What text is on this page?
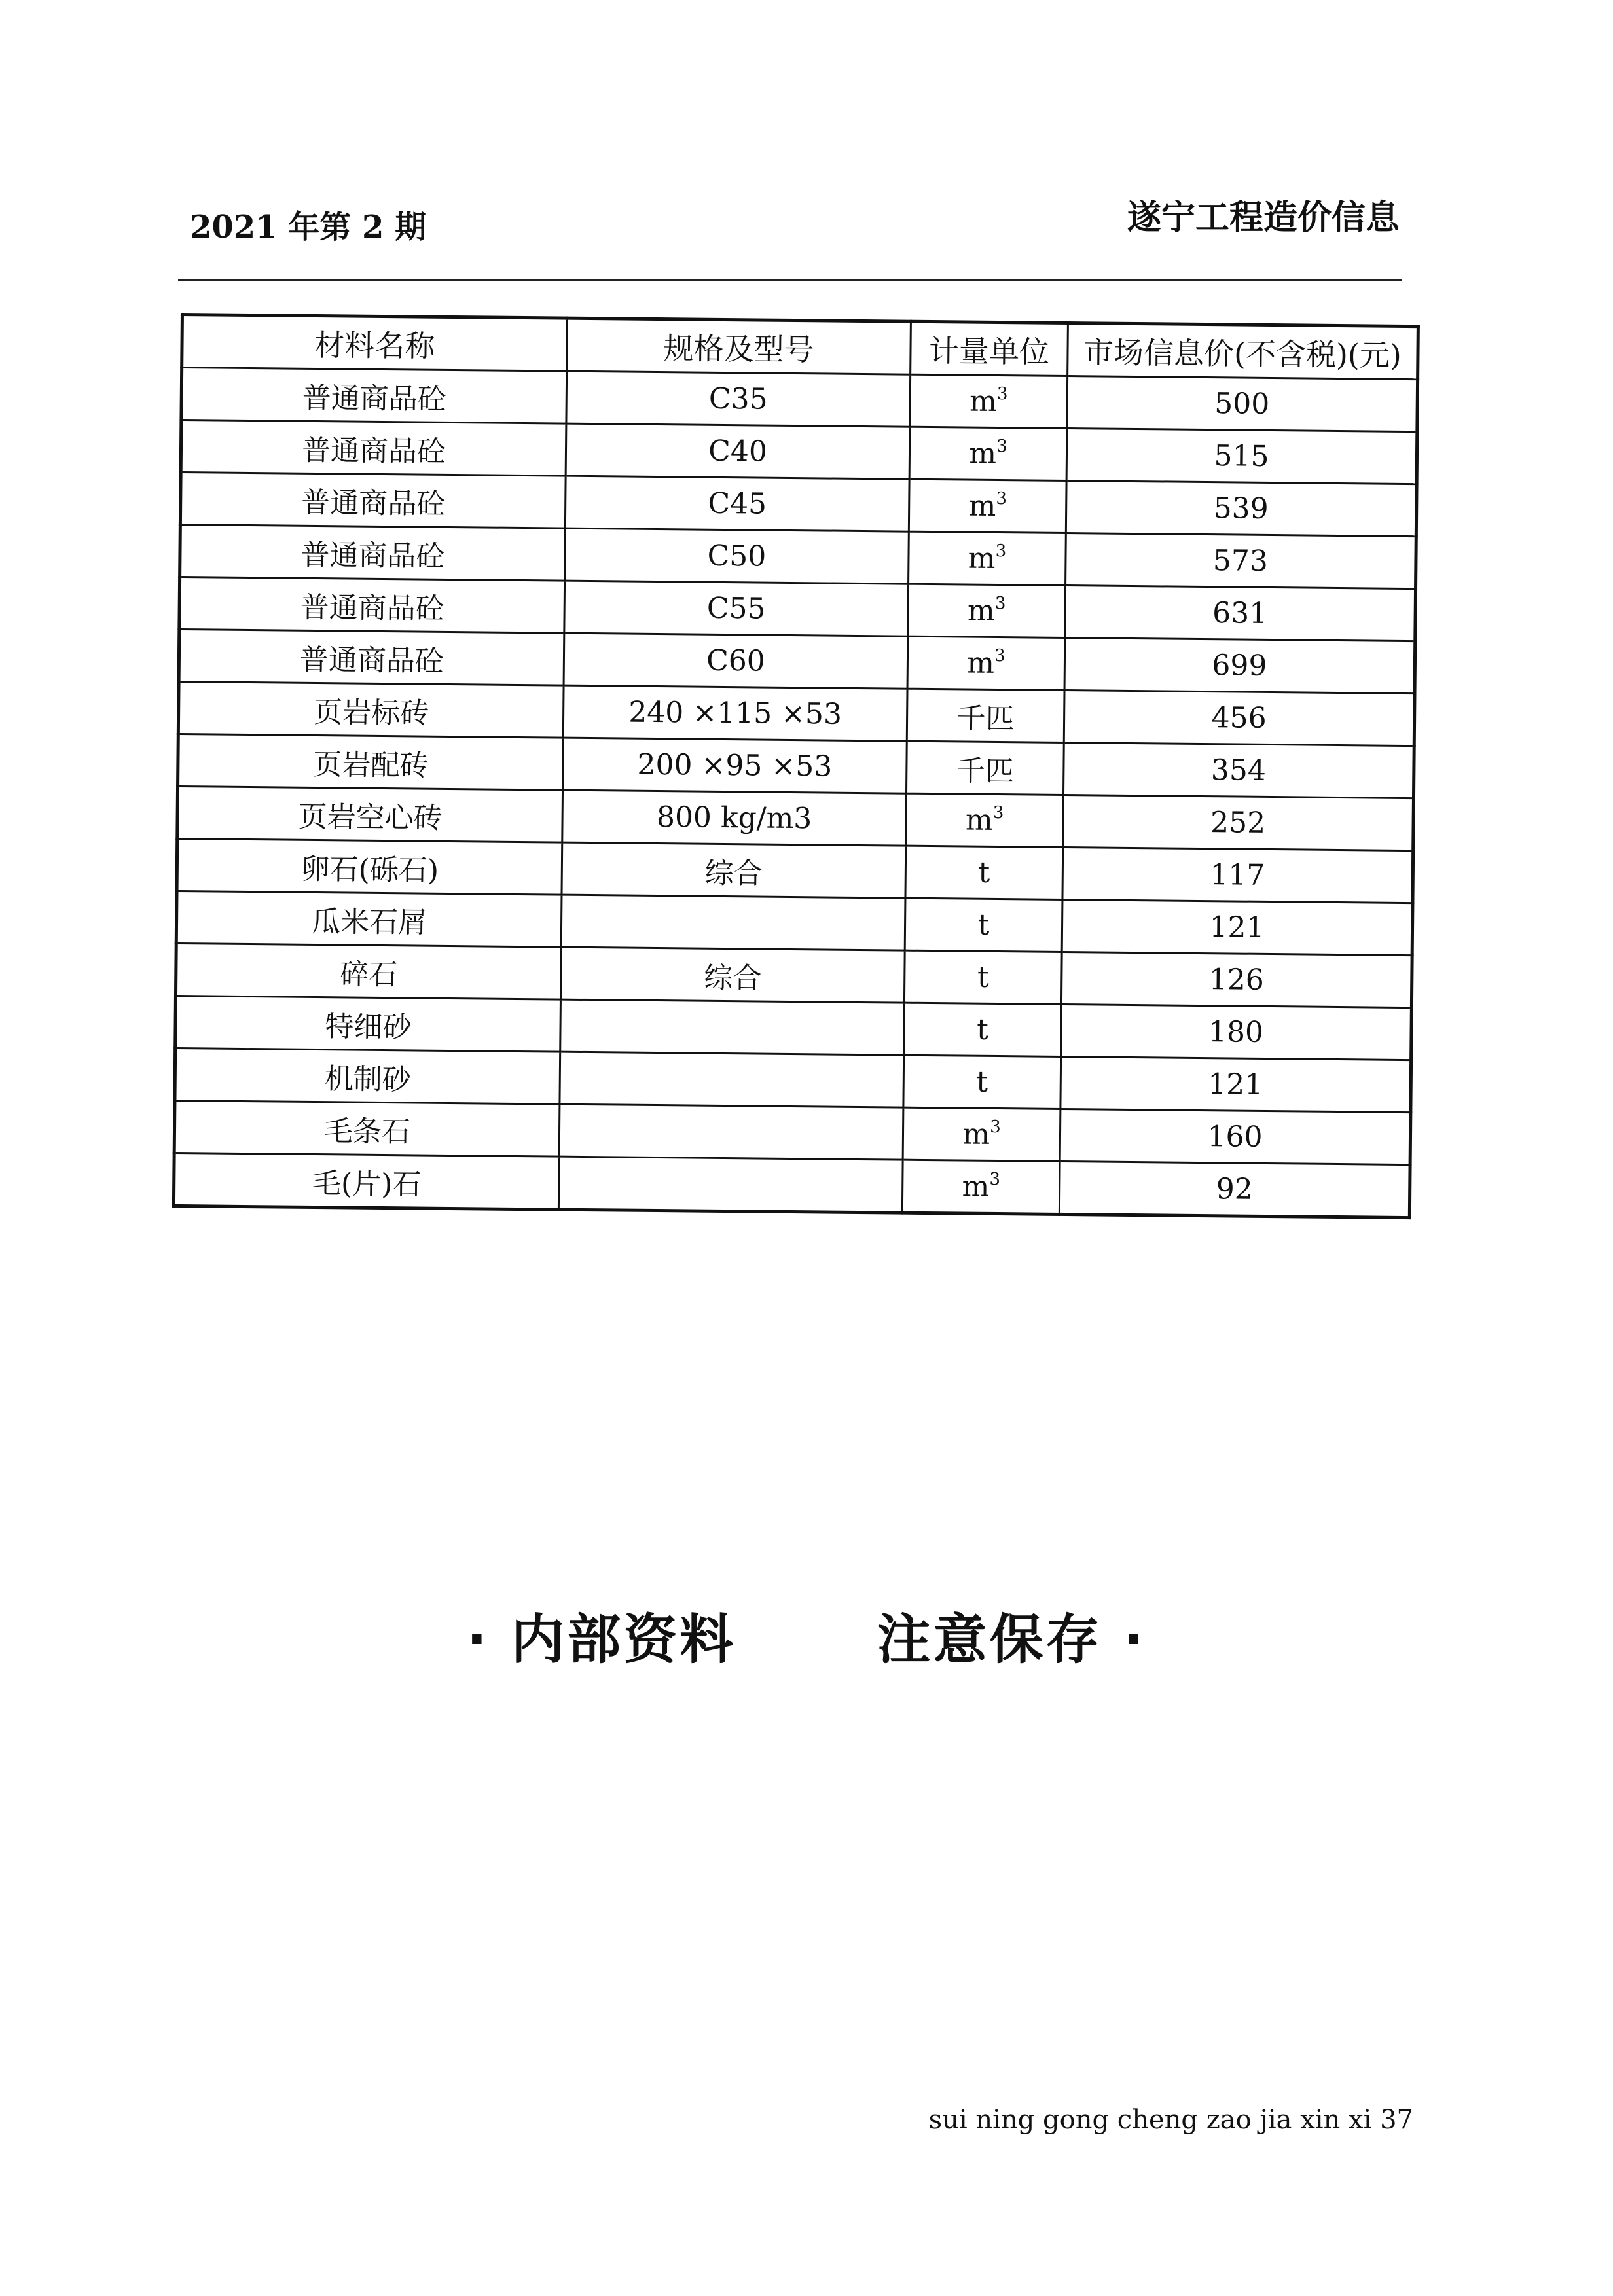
2021 年第 2 期	遂宁工程造价信息
材料名称	规格及型号	计量单位	市场信息价(不含税)(元)
普通商品砼	C35	$m^3$	500
普通商品砼	C40	$m^3$	515
普通商品砼	C45	$m^3$	539
普通商品砼	C50	$m^3$	573
普通商品砼	C55	$m^3$	631
普通商品砼	C60	$m^3$	699
页岩标砖	240 ×115 ×53	千匹	456
页岩配砖	200 ×95 ×53	千匹	354
页岩空心砖	800 kg/m3	$m^3$	252
卵石(砾石)	综合	t	117
瓜米石屑		t	121
碎石	综合	t	126
特细砂		t	180
机制砂		t	121
毛条石		$m^3$	160
毛(片)石		$m^3$	92
· 内部资料	注意保存 ·
sui ning gong cheng zao jia xin xi 37
